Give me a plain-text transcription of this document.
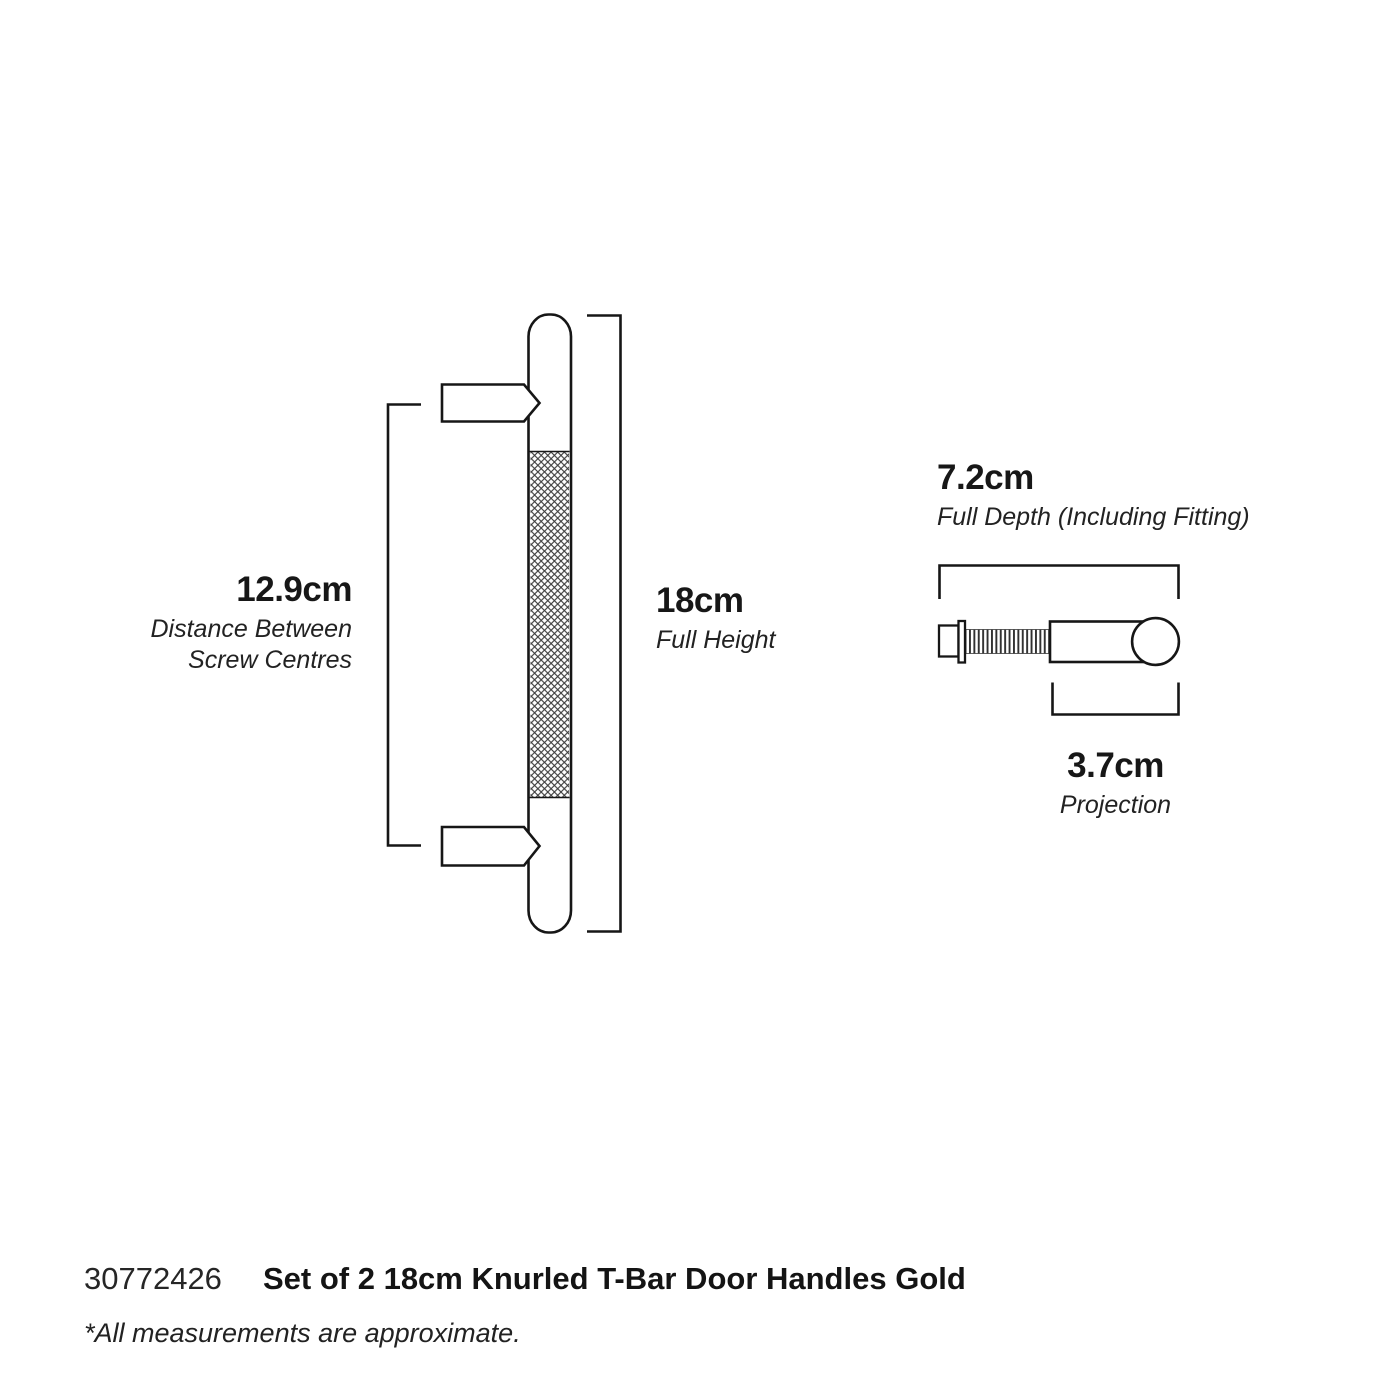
12.9cm
Distance Between
Screw Centres
18cm
Full Height
7.2cm
Full Depth (Including Fitting)
3.7cm
Projection
30772426 Set of 2 18cm Knurled T-Bar Door Handles Gold
*All measurements are approximate.
